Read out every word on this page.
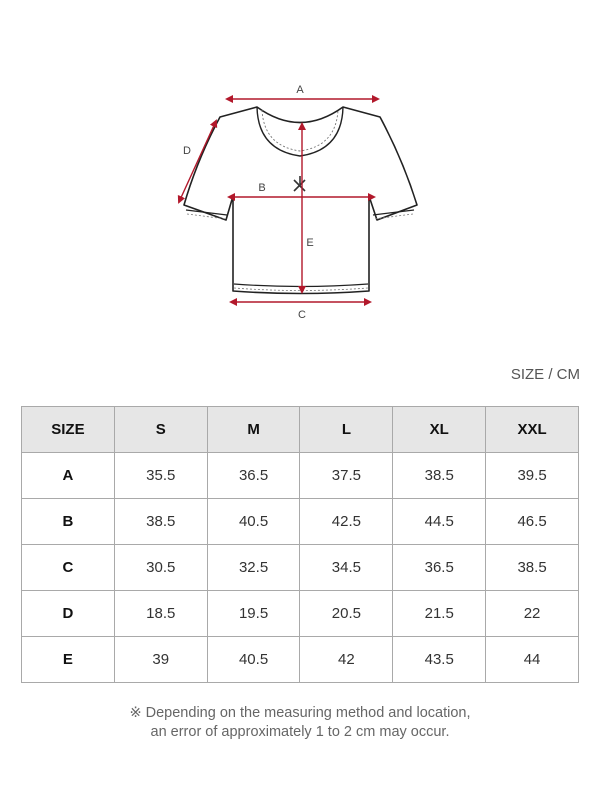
A
B
C
D
E
SIZE / CM
SIZE	S	M	L	XL	XXL
A	35.5	36.5	37.5	38.5	39.5
B	38.5	40.5	42.5	44.5	46.5
C	30.5	32.5	34.5	36.5	38.5
D	18.5	19.5	20.5	21.5	22
E	39	40.5	42	43.5	44
※ Depending on the measuring method and location,
an error of approximately 1 to 2 cm may occur.
